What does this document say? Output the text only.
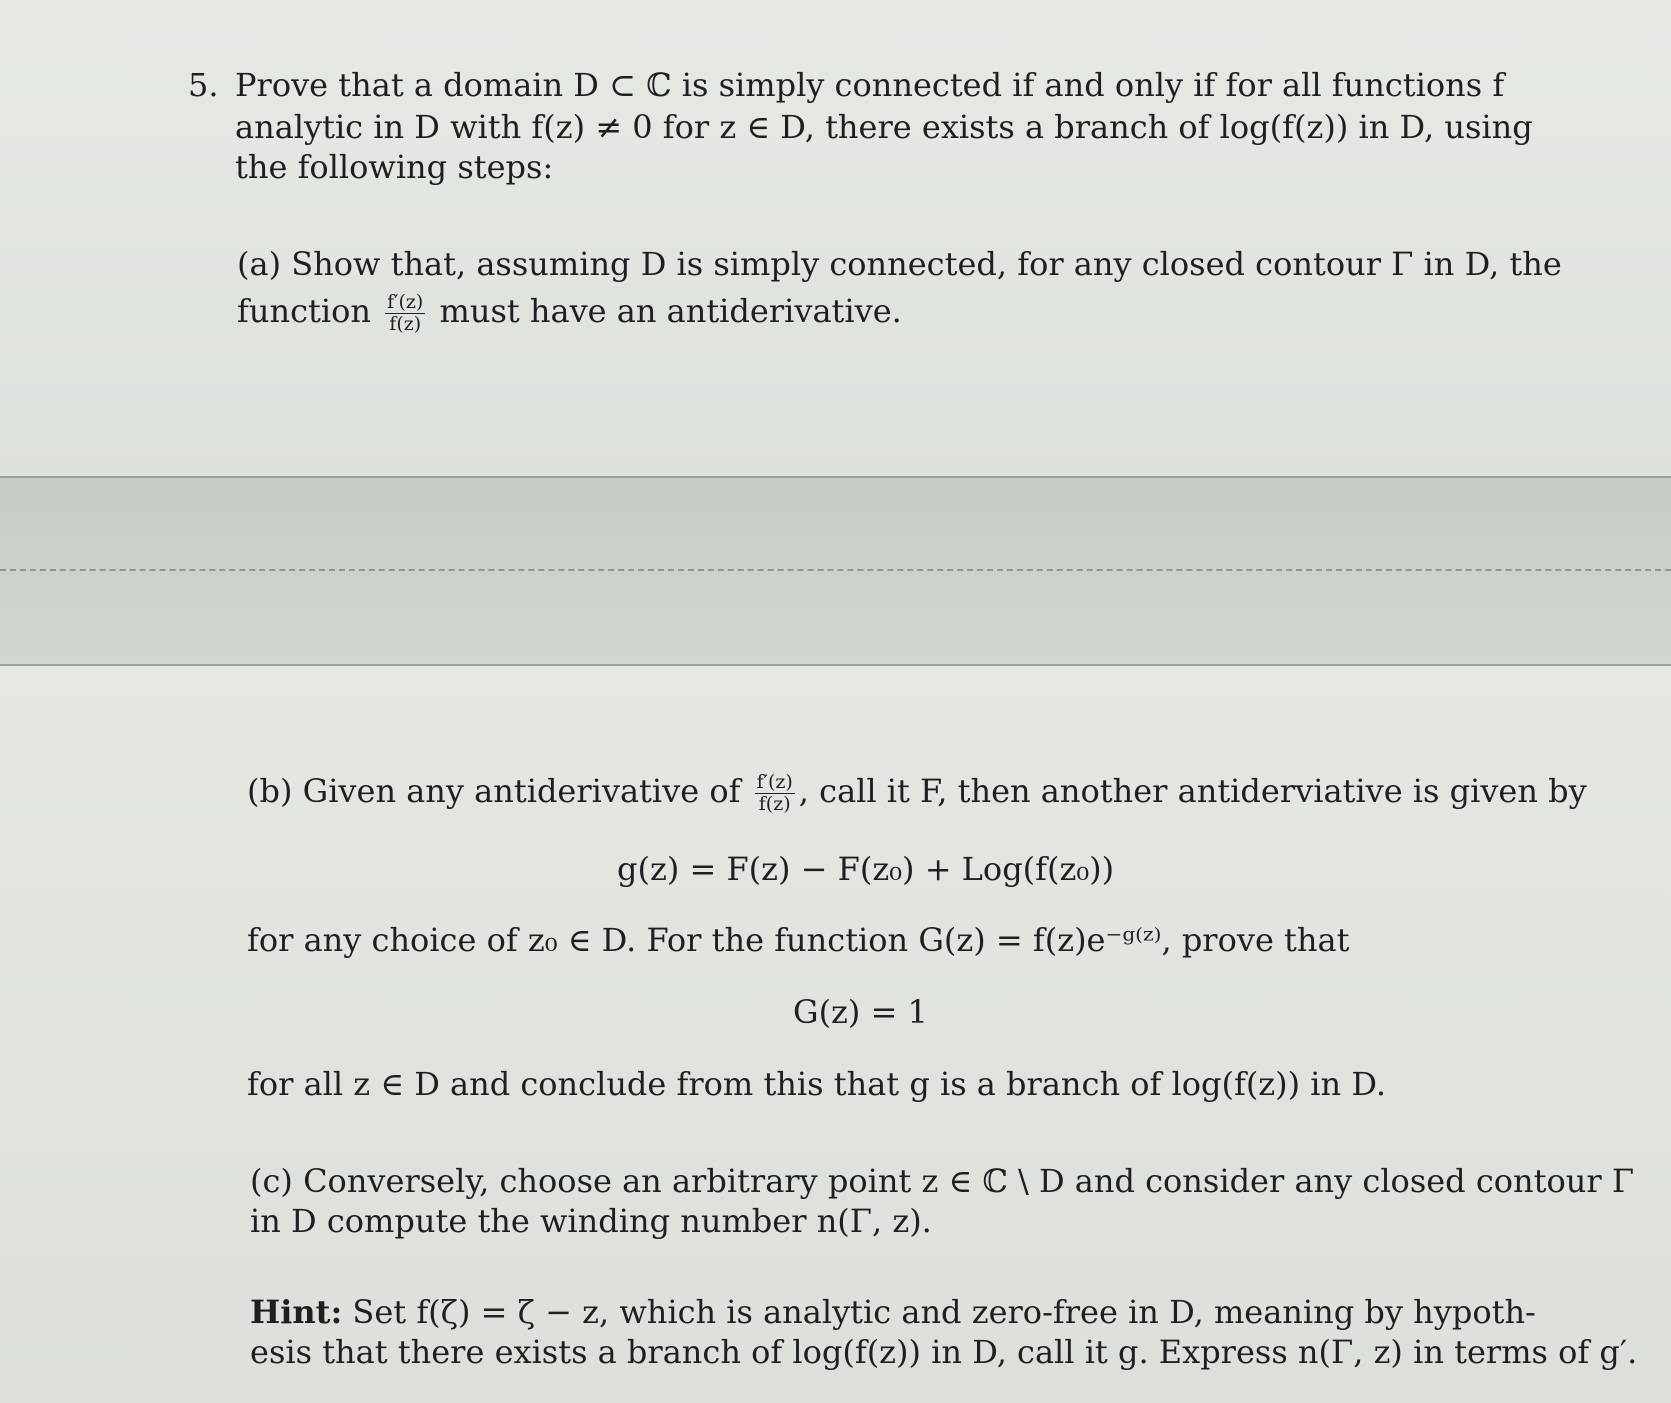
5. Prove that a domain D ⊂ ℂ is simply connected if and only if for all functions f
analytic in D with f(z) ≠ 0 for z ∈ D, there exists a branch of log(f(z)) in D, using
the following steps:
(a) Show that, assuming D is simply connected, for any closed contour Γ in D, the
function $\frac{f'(z)}{f(z)}$ must have an antiderivative.
(b) Given any antiderivative of $\frac{f'(z)}{f(z)}$ , call it F, then another antiderviative is given by
g(z) = F(z) − F(z₀) + Log(f(z₀))
for any choice of z₀ ∈ D. For the function G(z) = f(z)e⁻ᵍ⁽ᶻ⁾, prove that
G(z) = 1
for all z ∈ D and conclude from this that g is a branch of log(f(z)) in D.
(c) Conversely, choose an arbitrary point z ∈ ℂ \ D and consider any closed contour Γ
in D compute the winding number n(Γ, z).
Hint: Set f(ζ) = ζ − z, which is analytic and zero-free in D, meaning by hypoth-
esis that there exists a branch of log(f(z)) in D, call it g. Express n(Γ, z) in terms of g′.
